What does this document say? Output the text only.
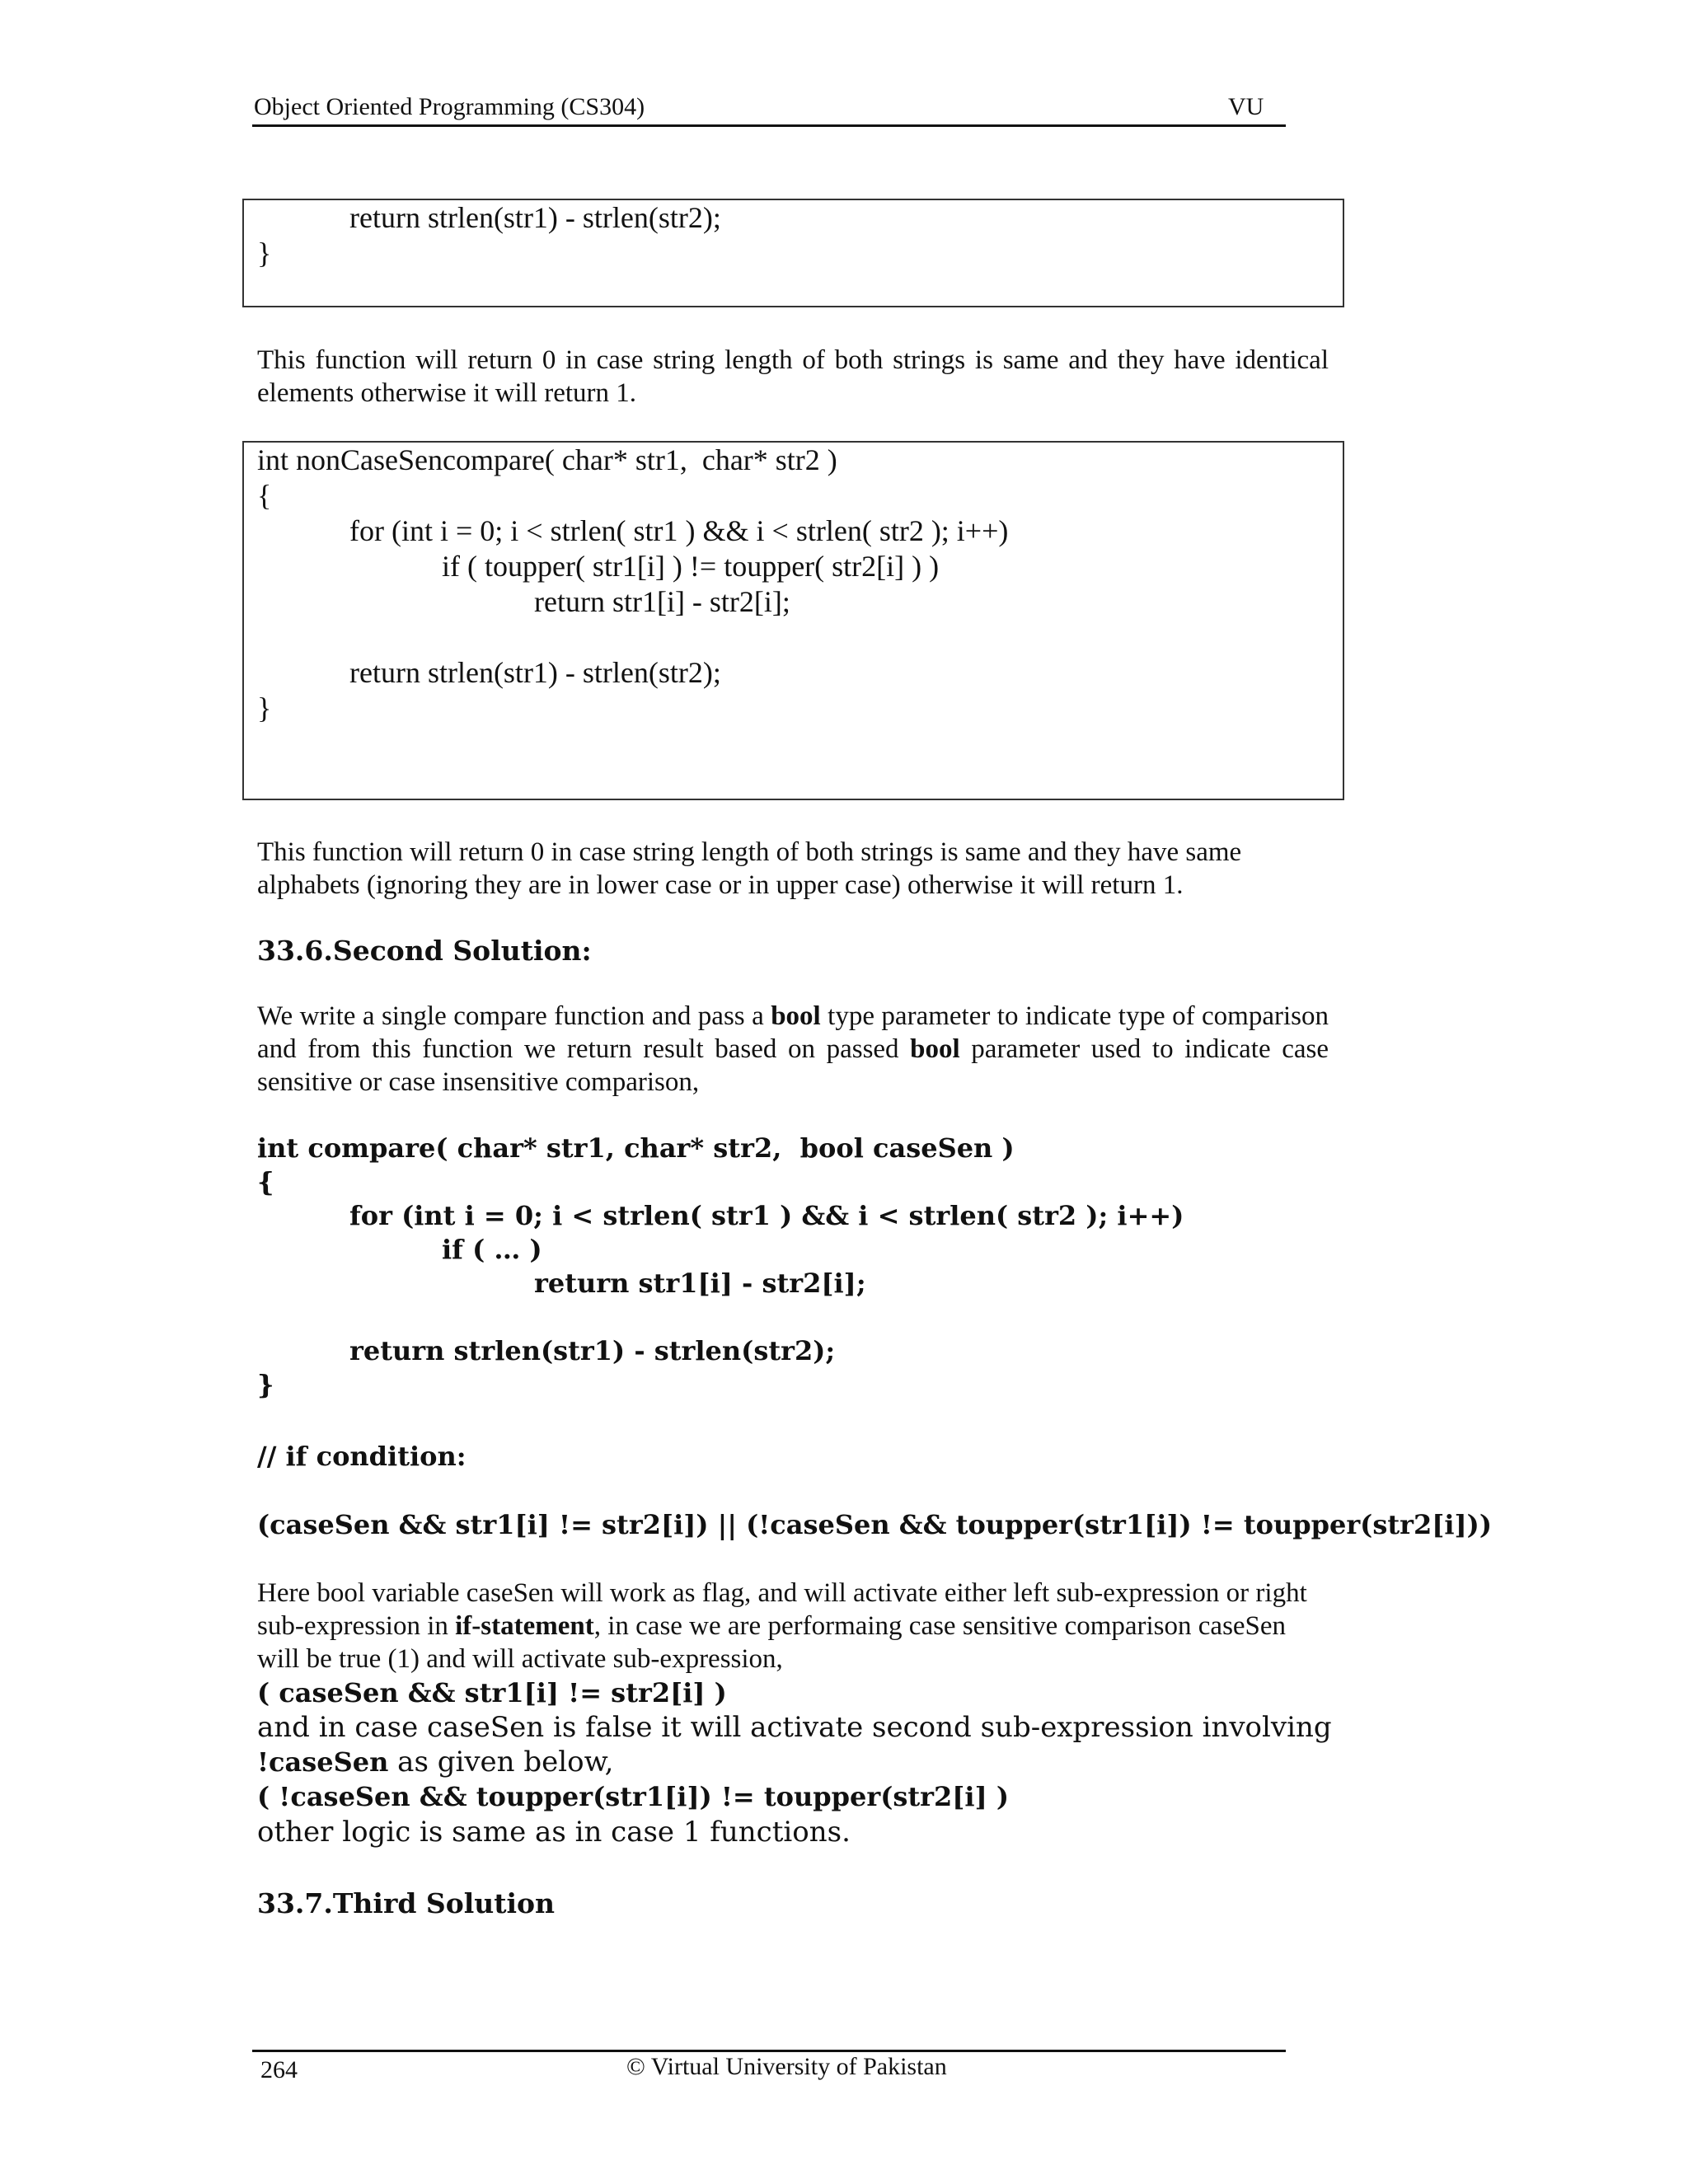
Object Oriented Programming (CS304)	VU
return strlen(str1) - strlen(str2);
}
This function will return 0 in case string length of both strings is same and they have identical elements otherwise it will return 1.
int nonCaseSencompare( char* str1,  char* str2 )
{
for (int i = 0; i < strlen( str1 ) && i < strlen( str2 ); i++)
if ( toupper( str1[i] ) != toupper( str2[i] ) )
return str1[i] - str2[i];
return strlen(str1) - strlen(str2);
}
This function will return 0 in case string length of both strings is same and they have same alphabets (ignoring they are in lower case or in upper case) otherwise it will return 1.
33.6.Second Solution:
We write a single compare function and pass a bool type parameter to indicate type of comparison and from this function we return result based on passed bool parameter used to indicate case sensitive or case insensitive comparison,
int compare( char* str1, char* str2,  bool caseSen )
{
for (int i = 0; i < strlen( str1 ) && i < strlen( str2 ); i++)
if ( … )
return str1[i] - str2[i];
return strlen(str1) - strlen(str2);
}
// if condition:
(caseSen && str1[i] != str2[i]) || (!caseSen && toupper(str1[i]) != toupper(str2[i]))
Here bool variable caseSen will work as flag, and will activate either left sub-expression or right sub-expression in if-statement, in case we are performaing case sensitive comparison caseSen will be true (1) and will activate sub-expression,
( caseSen && str1[i] != str2[i] )
and in case caseSen is false it will activate second sub-expression involving !caseSen as given below,
( !caseSen && toupper(str1[i]) != toupper(str2[i] )
other logic is same as in case 1 functions.
33.7.Third Solution
264	© Virtual University of Pakistan
